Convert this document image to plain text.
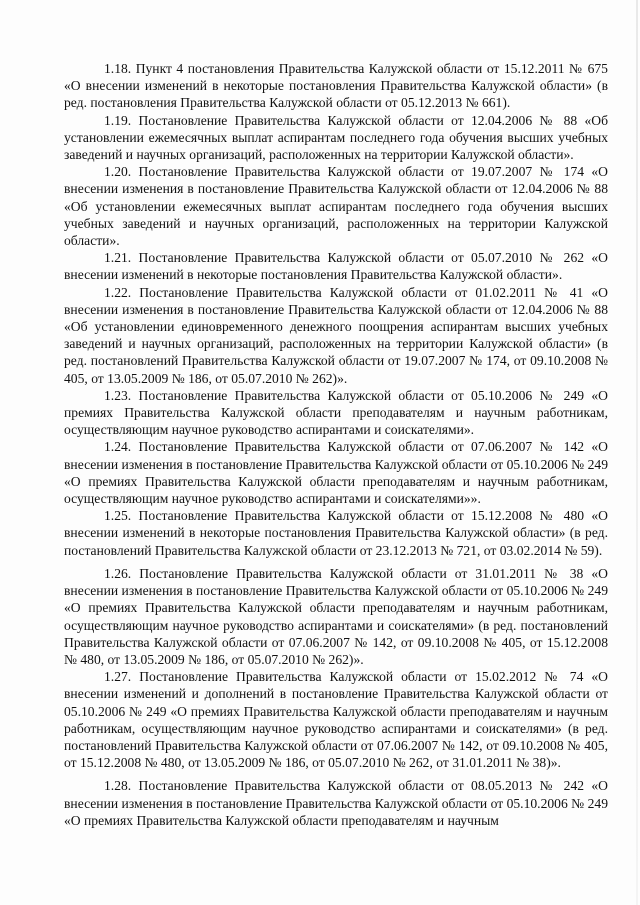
1.18. Пункт 4 постановления Правительства Калужской области от 15.12.2011 № 675 «О внесении изменений в некоторые постановления Правительства Калужской области» (в ред. постановления Правительства Калужской области от 05.12.2013 № 661).

1.19. Постановление Правительства Калужской области от 12.04.2006 № 88 «Об установлении ежемесячных выплат аспирантам последнего года обучения высших учебных заведений и научных организаций, расположенных на территории Калужской области».

1.20. Постановление Правительства Калужской области от 19.07.2007 № 174 «О внесении изменения в постановление Правительства Калужской области от 12.04.2006 № 88 «Об установлении ежемесячных выплат аспирантам последнего года обучения высших учебных заведений и научных организаций, расположенных на территории Калужской области».

1.21. Постановление Правительства Калужской области от 05.07.2010 № 262 «О внесении изменений в некоторые постановления Правительства Калужской области».

1.22. Постановление Правительства Калужской области от 01.02.2011 № 41 «О внесении изменения в постановление Правительства Калужской области от 12.04.2006 № 88 «Об установлении единовременного денежного поощрения аспирантам высших учебных заведений и научных организаций, расположенных на территории Калужской области» (в ред. постановлений Правительства Калужской области от 19.07.2007 № 174, от 09.10.2008 № 405, от 13.05.2009 № 186, от 05.07.2010 № 262)».

1.23. Постановление Правительства Калужской области от 05.10.2006 № 249 «О премиях Правительства Калужской области преподавателям и научным работникам, осуществляющим научное руководство аспирантами и соискателями».

1.24. Постановление Правительства Калужской области от 07.06.2007 № 142 «О внесении изменения в постановление Правительства Калужской области от 05.10.2006 № 249 «О премиях Правительства Калужской области преподавателям и научным работникам, осуществляющим научное руководство аспирантами и соискателями»».

1.25. Постановление Правительства Калужской области от 15.12.2008 № 480 «О внесении изменений в некоторые постановления Правительства Калужской области» (в ред. постановлений Правительства Калужской области от 23.12.2013 № 721, от 03.02.2014 № 59).

1.26. Постановление Правительства Калужской области от 31.01.2011 № 38 «О внесении изменения в постановление Правительства Калужской области от 05.10.2006 № 249 «О премиях Правительства Калужской области преподавателям и научным работникам, осуществляющим научное руководство аспирантами и соискателями» (в ред. постановлений Правительства Калужской области от 07.06.2007 № 142, от 09.10.2008 № 405, от 15.12.2008 № 480, от 13.05.2009 № 186, от 05.07.2010 № 262)».

1.27. Постановление Правительства Калужской области от 15.02.2012 № 74 «О внесении изменений и дополнений в постановление Правительства Калужской области от 05.10.2006 № 249 «О премиях Правительства Калужской области преподавателям и научным работникам, осуществляющим научное руководство аспирантами и соискателями» (в ред. постановлений Правительства Калужской области от 07.06.2007 № 142, от 09.10.2008 № 405, от 15.12.2008 № 480, от 13.05.2009 № 186, от 05.07.2010 № 262, от 31.01.2011 № 38)».

1.28. Постановление Правительства Калужской области от 08.05.2013 № 242 «О внесении изменения в постановление Правительства Калужской области от 05.10.2006 № 249 «О премиях Правительства Калужской области преподавателям и научным
